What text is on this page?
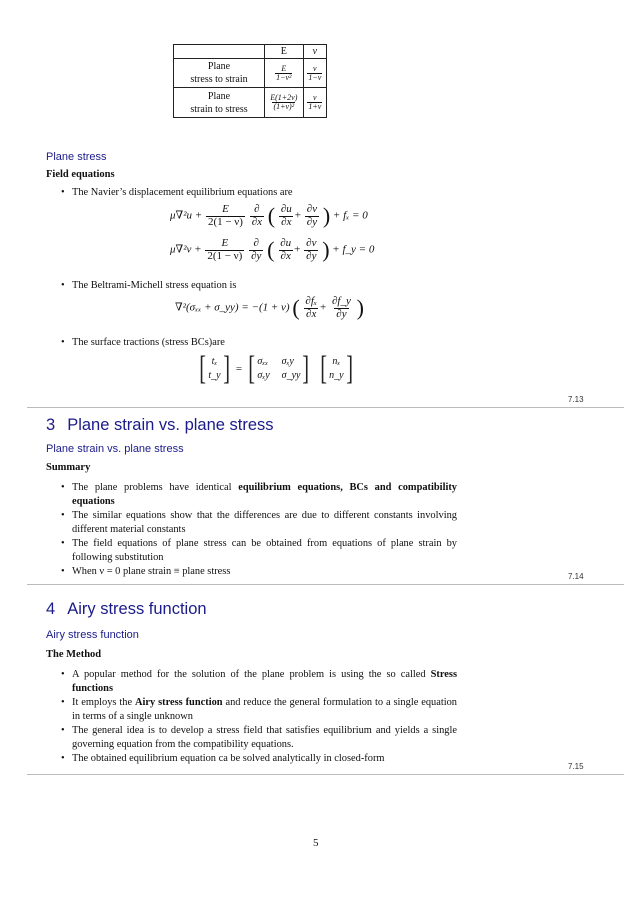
	E	ν
Plane
stress to strain	$\frac{E}{\text{1−ν²}}$	$\frac{\nu}{1-\nu}$

Plane
strain to stress	$\frac{E(1+2\nu)}{\text{(1+ν)²}}$	$\frac{\nu}{1+\nu}$
Plane stress
Field equations
• The Navier’s displacement equilibrium equations are
$\mu\nabla^2u + \frac{E}{2(1 - \nu)}$
$\frac{\partial}{\partial x}$ ( $\frac{\partial u}{\partial x} + \frac{\partial v}{\partial y}$ ) + fₓ = 0
$\mu\nabla^2v + \frac{E}{2(1 - \nu)}$
$\frac{\partial}{\partial y}$ ( $\frac{\partial u}{\partial x} + \frac{\partial v}{\partial y}$ ) + f_y = 0
• The Beltrami-Michell stress equation is
∇²(σₓₓ + σ_yy) = −(1 + ν) ( $\frac{\text{∂fₓ}}{\partial x} + \frac{\partial f\_y}{\partial y}$ )
• The surface tractions (stress BCs)are
[ tₓ
t_y ] = [ σₓₓ σₓy
σₓy σ_yy ] [ nₓ
n_y ]
7.13
3 Plane strain vs. plane stress
Plane strain vs. plane stress
Summary
• The plane problems have identical equilibrium equations, BCs and compatibility equations
• The similar equations show that the differences are due to different constants involving different material constants
• The field equations of plane stress can be obtained from equations of plane strain by following substitution
• When ν = 0 plane strain ≡ plane stress	7.14
4 Airy stress function
Airy stress function
The Method
• A popular method for the solution of the plane problem is using the so called Stress functions
• It employs the Airy stress function and reduce the general formulation to a single equation in terms of a single unknown
• The general idea is to develop a stress field that satisfies equilibrium and yields a single governing equation from the compatibility equations.
• The obtained equilibrium equation ca be solved analytically in closed-form
7.15
5
